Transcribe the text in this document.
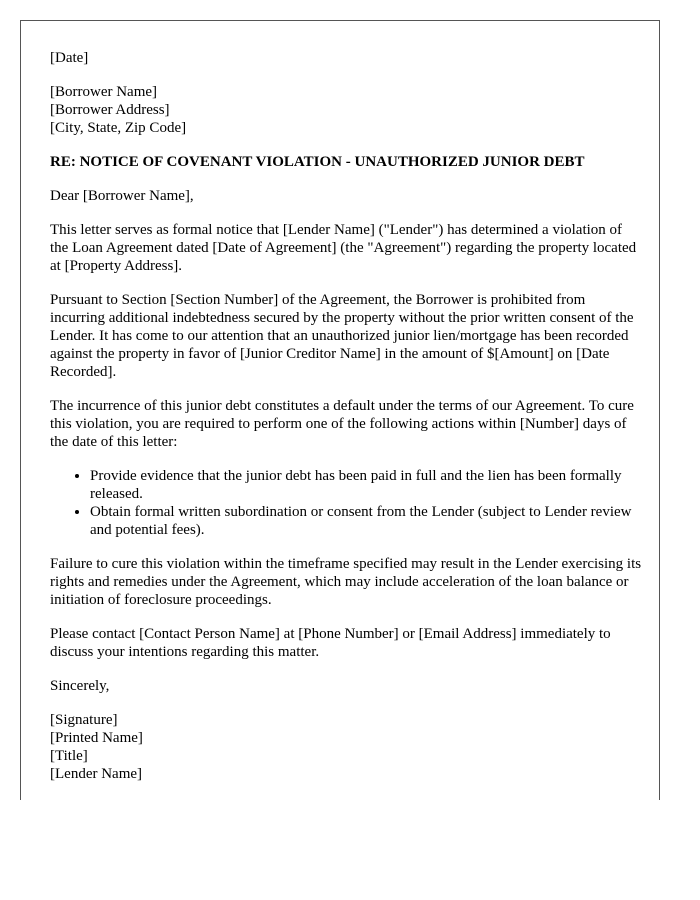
[Date]

[Borrower Name]
[Borrower Address]
[City, State, Zip Code]
RE: NOTICE OF COVENANT VIOLATION - UNAUTHORIZED JUNIOR DEBT

Dear [Borrower Name],

This letter serves as formal notice that [Lender Name] ("Lender") has determined a violation of the Loan Agreement dated [Date of Agreement] (the "Agreement") regarding the property located at [Property Address].

Pursuant to Section [Section Number] of the Agreement, the Borrower is prohibited from incurring additional indebtedness secured by the property without the prior written consent of the Lender. It has come to our attention that an unauthorized junior lien/mortgage has been recorded against the property in favor of [Junior Creditor Name] in the amount of $[Amount] on [Date Recorded].

The incurrence of this junior debt constitutes a default under the terms of our Agreement. To cure this violation, you are required to perform one of the following actions within [Number] days of the date of this letter:

• Provide evidence that the junior debt has been paid in full and the lien has been formally released.
• Obtain formal written subordination or consent from the Lender (subject to Lender review and potential fees).

Failure to cure this violation within the timeframe specified may result in the Lender exercising its rights and remedies under the Agreement, which may include acceleration of the loan balance or initiation of foreclosure proceedings.

Please contact [Contact Person Name] at [Phone Number] or [Email Address] immediately to discuss your intentions regarding this matter.

Sincerely,

[Signature]
[Printed Name]
[Title]
[Lender Name]
